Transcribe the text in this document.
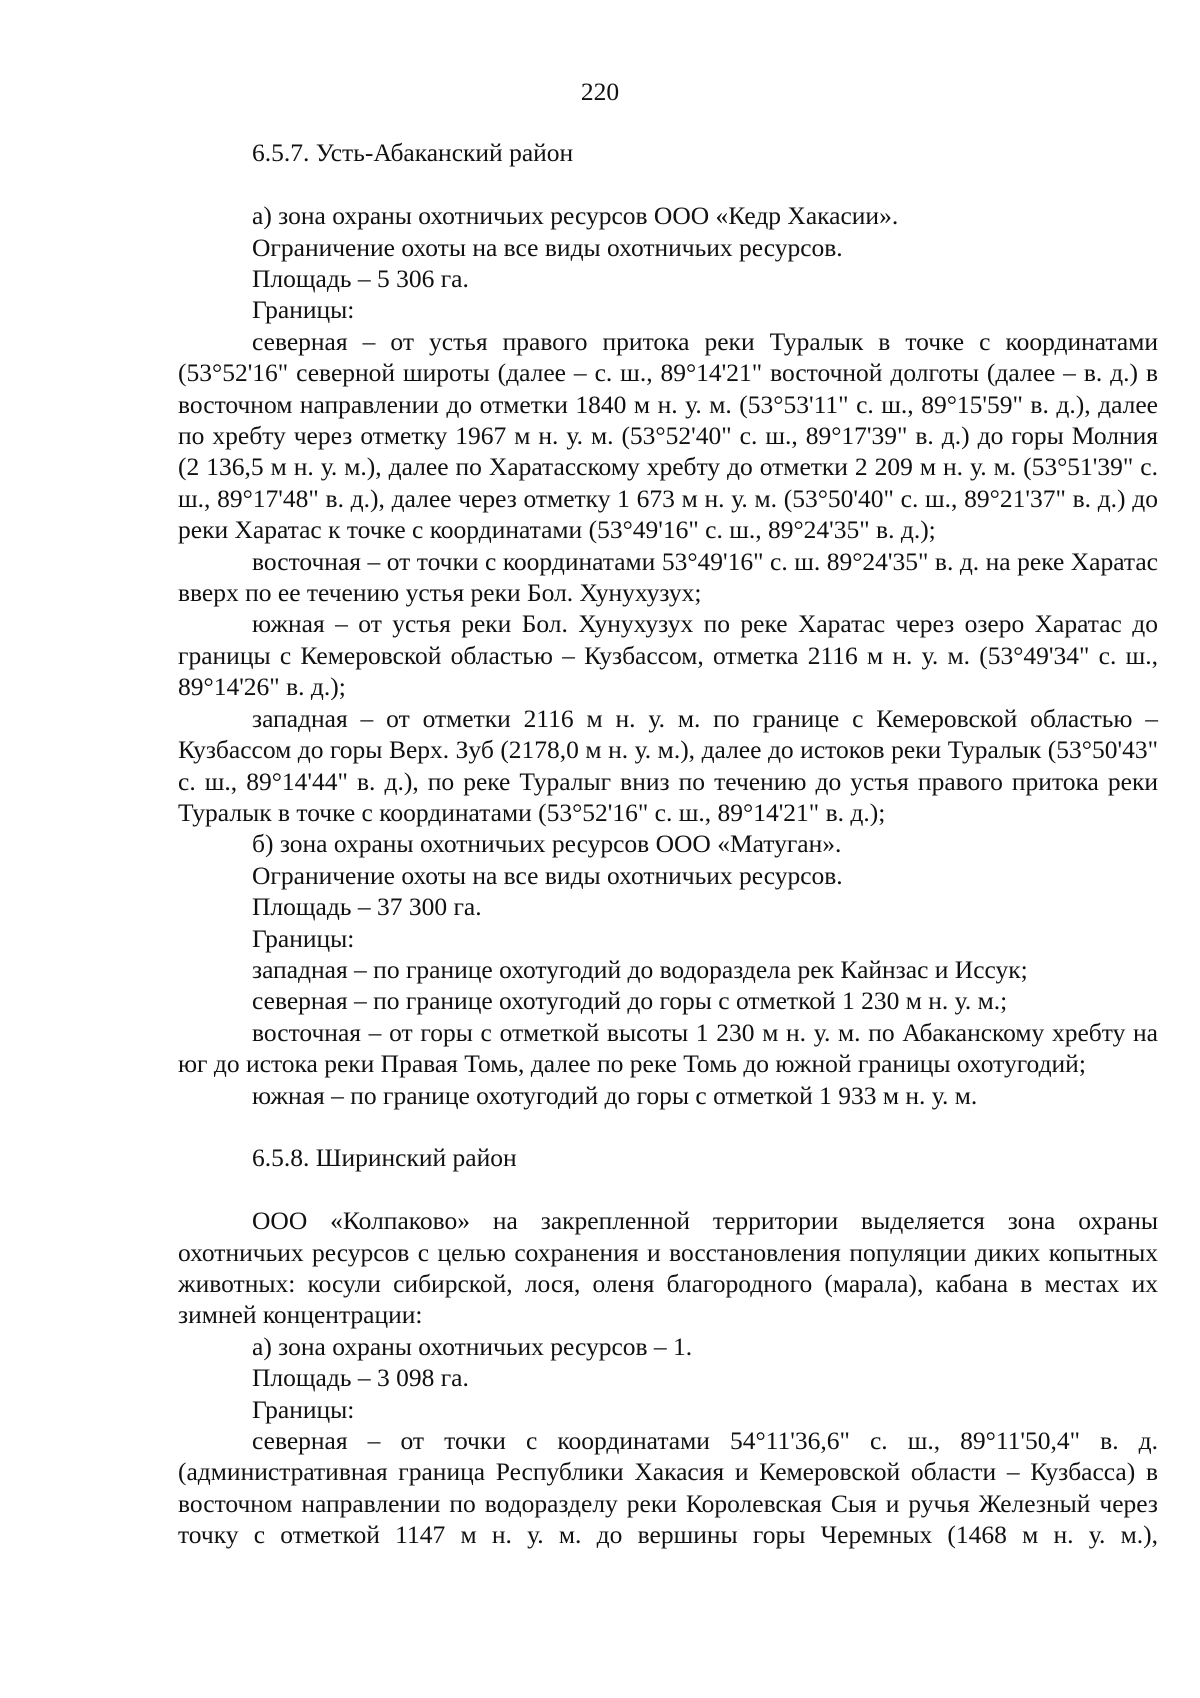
220

6.5.7. Усть-Абаканский район

а) зона охраны охотничьих ресурсов ООО «Кедр Хакасии».

Ограничение охоты на все виды охотничьих ресурсов.

Площадь – 5 306 га.

Границы:

северная – от устья правого притока реки Туралык в точке с координатами (53°52'16" северной широты (далее – с. ш., 89°14'21" восточной долготы (далее – в. д.) в восточном направлении до отметки 1840 м н. у. м. (53°53'11" с. ш., 89°15'59" в. д.), далее по хребту через отметку 1967 м н. у. м. (53°52'40" с. ш., 89°17'39" в. д.) до горы Молния (2 136,5 м н. у. м.), далее по Харатасскому хребту до отметки 2 209 м н. у. м. (53°51'39" с. ш., 89°17'48" в. д.), далее через отметку 1 673 м н. у. м. (53°50'40" с. ш., 89°21'37" в. д.) до реки Харатас к точке с координатами (53°49'16" с. ш., 89°24'35" в. д.);

восточная – от точки с координатами 53°49'16" с. ш. 89°24'35" в. д. на реке Харатас вверх по ее течению устья реки Бол. Хунухузух;

южная – от устья реки Бол. Хунухузух по реке Харатас через озеро Харатас до границы с Кемеровской областью – Кузбассом, отметка 2116 м н. у. м. (53°49'34" с. ш., 89°14'26" в. д.);

западная – от отметки 2116 м н. у. м. по границе с Кемеровской областью – Кузбассом до горы Верх. Зуб (2178,0 м н. у. м.), далее до истоков реки Туралык (53°50'43" с. ш., 89°14'44" в. д.), по реке Туралыг вниз по течению до устья правого притока реки Туралык в точке с координатами (53°52'16" с. ш., 89°14'21" в. д.);

б) зона охраны охотничьих ресурсов ООО «Матуган».

Ограничение охоты на все виды охотничьих ресурсов.

Площадь – 37 300 га.

Границы:

западная – по границе охотугодий до водораздела рек Кайнзас и Иссук;

северная – по границе охотугодий до горы с отметкой 1 230 м н. у. м.;

восточная – от горы с отметкой высоты 1 230 м н. у. м. по Абаканскому хребту на юг до истока реки Правая Томь, далее по реке Томь до южной границы охотугодий;

южная – по границе охотугодий до горы с отметкой 1 933 м н. у. м.

6.5.8. Ширинский район

ООО «Колпаково» на закрепленной территории выделяется зона охраны охотничьих ресурсов с целью сохранения и восстановления популяции диких копытных животных: косули сибирской, лося, оленя благородного (марала), кабана в местах их зимней концентрации:

а) зона охраны охотничьих ресурсов – 1.

Площадь – 3 098 га.

Границы:

северная – от точки с координатами 54°11'36,6" с. ш., 89°11'50,4" в. д. (административная граница Республики Хакасия и Кемеровской области – Кузбасса) в восточном направлении по водоразделу реки Королевская Сыя и ручья Железный через точку с отметкой 1147 м н. у. м. до вершины горы Черемных (1468 м н. у. м.),
